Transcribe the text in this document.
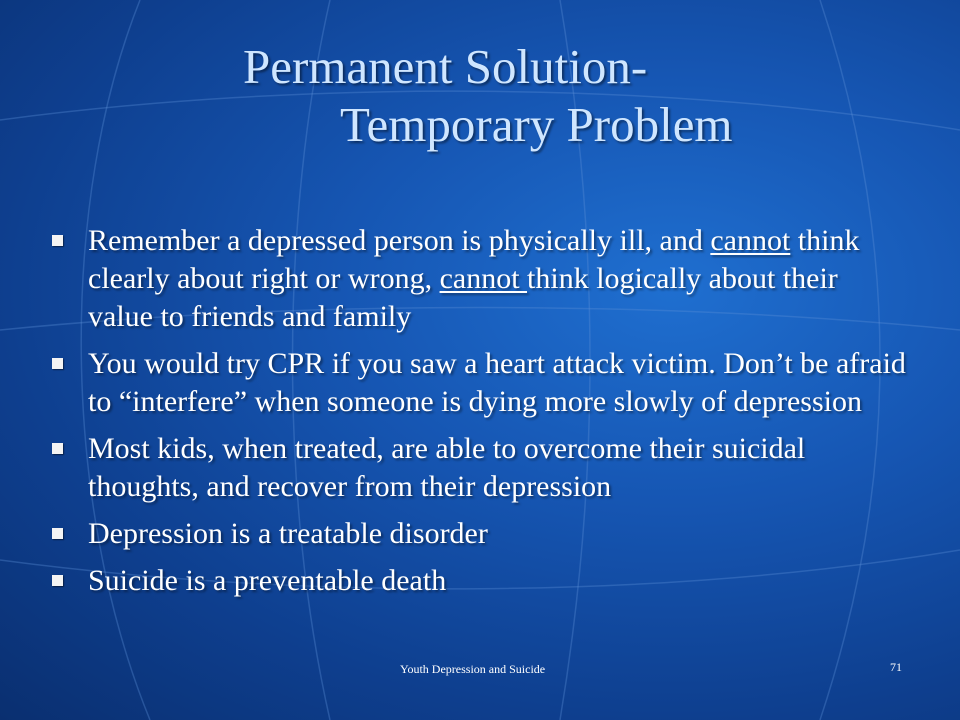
Permanent Solution-
Temporary Problem
Remember a depressed person is physically ill, and cannot think clearly about right or wrong, cannot think logically about their value to friends and family
You would try CPR if you saw a heart attack victim. Don’t be afraid to “interfere” when someone is dying more slowly of depression
Most kids, when treated, are able to overcome their suicidal thoughts, and recover from their depression
Depression is a treatable disorder
Suicide is a preventable death
Youth Depression and Suicide	71
